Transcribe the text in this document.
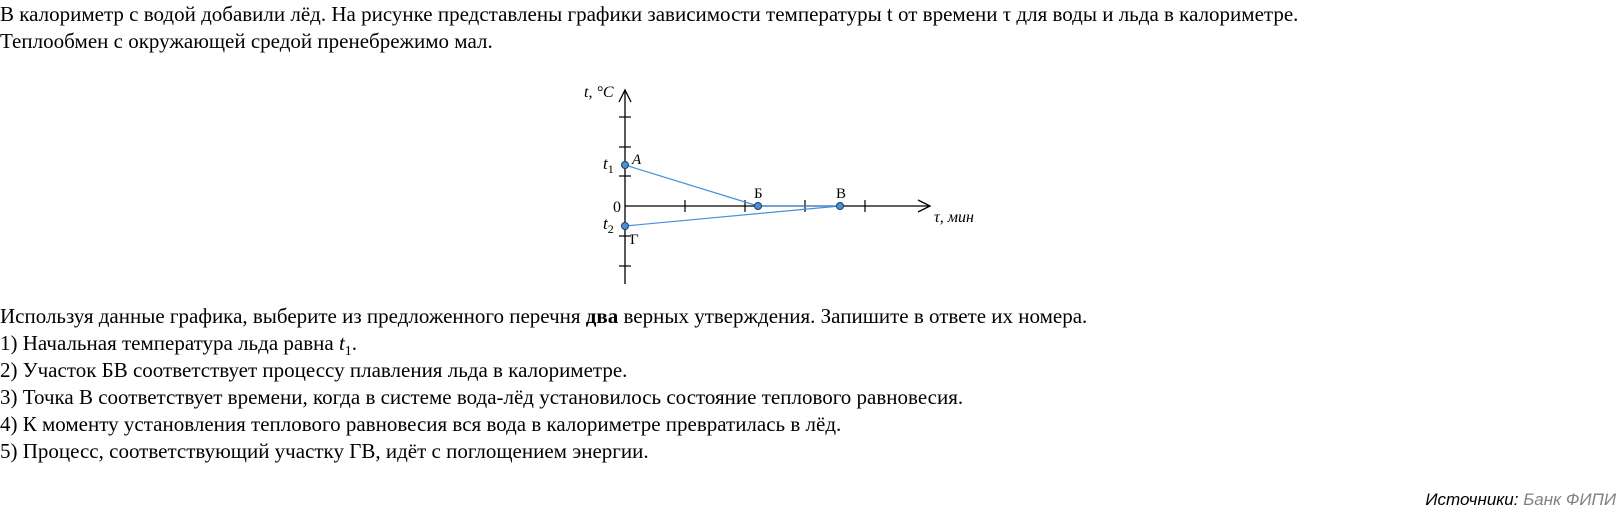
В калориметр с водой добавили лёд. На рисунке представлены графики зависимости температуры t от времени τ для воды и льда в калориметре.

Теплообмен с окружающей средой пренебрежимо мал.

t, °C
τ, мин
0
$t_1$
$t_2$
А
Б	В
Г

Используя данные графика, выберите из предложенного перечня два верных утверждения. Запишите в ответе их номера.

1) Начальная температура льда равна $t_1$.

2) Участок БВ соответствует процессу плавления льда в калориметре.

3) Точка В соответствует времени, когда в системе вода-лёд установилось состояние теплового равновесия.

4) К моменту установления теплового равновесия вся вода в калориметре превратилась в лёд.

5) Процесс, соответствующий участку ГВ, идёт с поглощением энергии.

Источники: Банк ФИПИ
